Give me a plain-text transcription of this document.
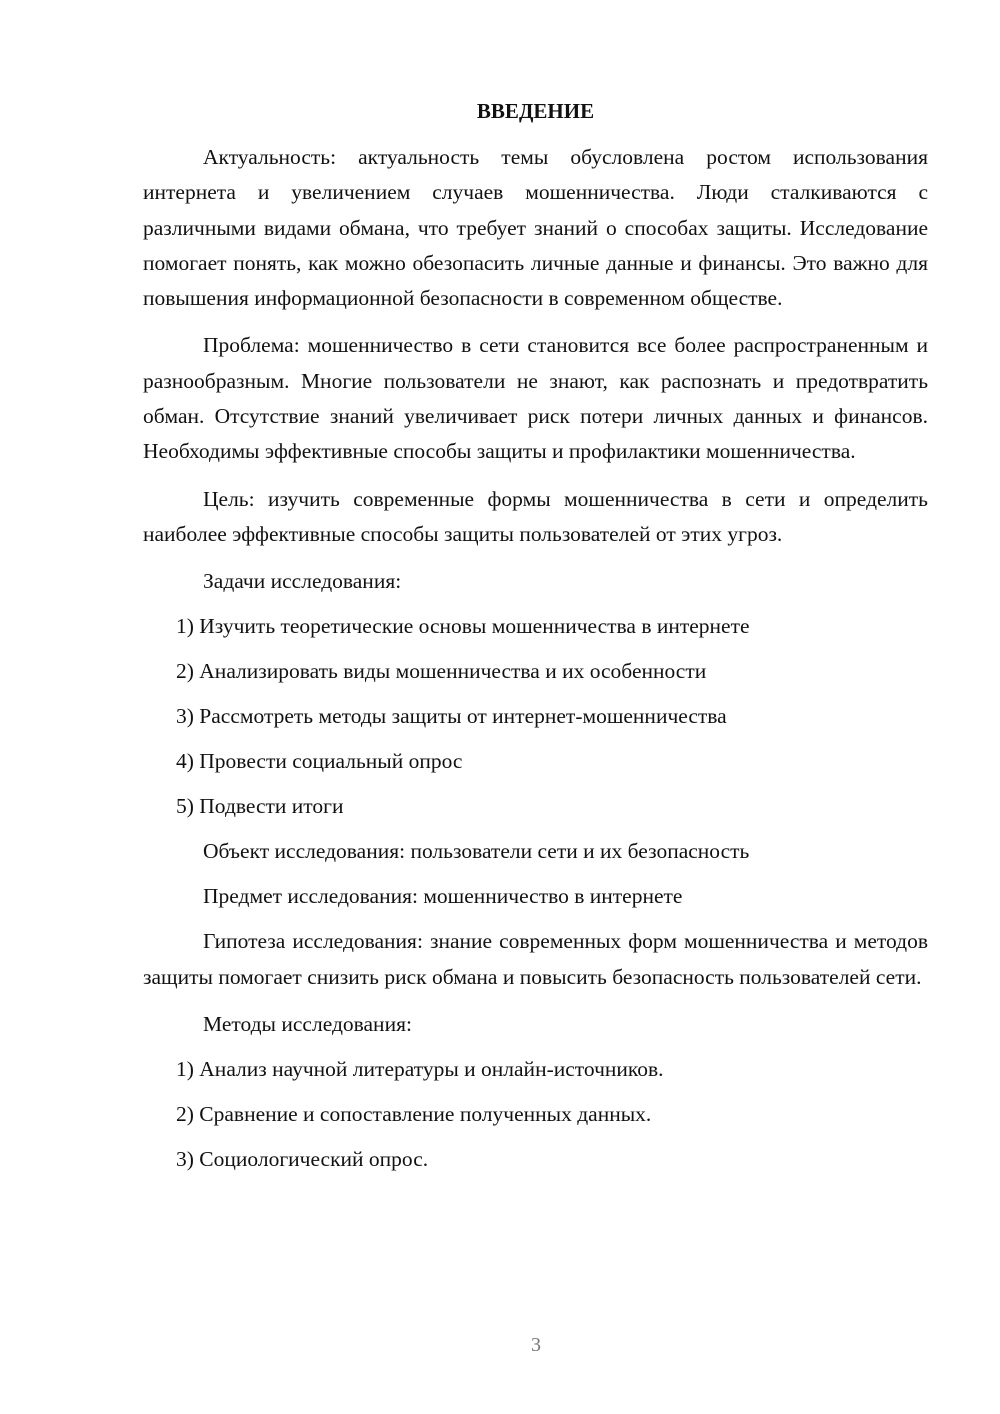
ВВЕДЕНИЕ

Актуальность: актуальность темы обусловлена ростом использования интернета и увеличением случаев мошенничества. Люди сталкиваются с различными видами обмана, что требует знаний о способах защиты. Исследование помогает понять, как можно обезопасить личные данные и финансы. Это важно для повышения информационной безопасности в современном обществе.

Проблема: мошенничество в сети становится все более распространенным и разнообразным. Многие пользователи не знают, как распознать и предотвратить обман. Отсутствие знаний увеличивает риск потери личных данных и финансов. Необходимы эффективные способы защиты и профилактики мошенничества.

Цель: изучить современные формы мошенничества в сети и определить наиболее эффективные способы защиты пользователей от этих угроз.

Задачи исследования:

1) Изучить теоретические основы мошенничества в интернете
2) Анализировать виды мошенничества и их особенности
3) Рассмотреть методы защиты от интернет-мошенничества
4) Провести социальный опрос
5) Подвести итоги

Объект исследования: пользователи сети и их безопасность

Предмет исследования: мошенничество в интернете

Гипотеза исследования: знание современных форм мошенничества и методов защиты помогает снизить риск обмана и повысить безопасность пользователей сети.

Методы исследования:

1) Анализ научной литературы и онлайн-источников.
2) Сравнение и сопоставление полученных данных.
3) Социологический опрос.
3
